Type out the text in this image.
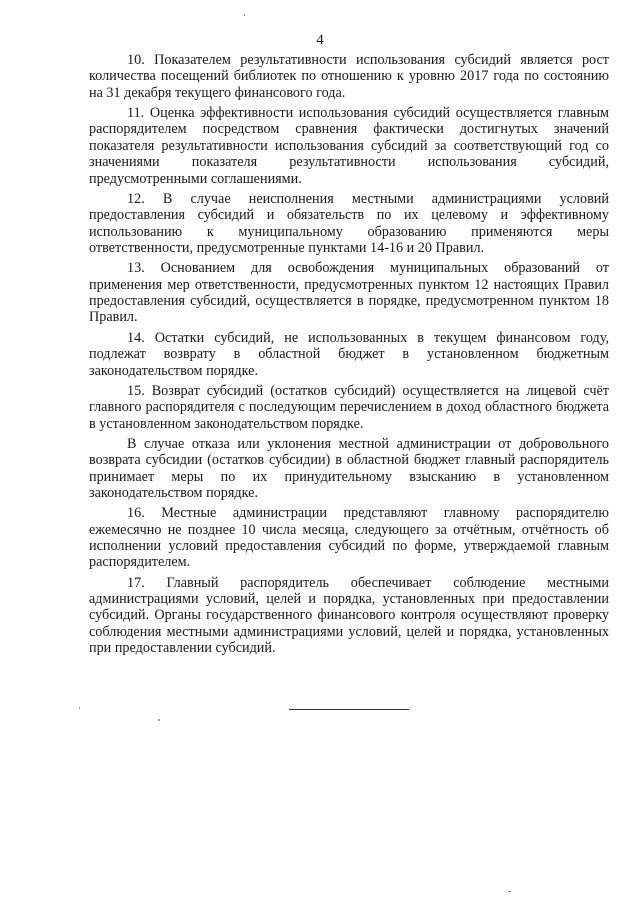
4

10. Показателем результативности использования субсидий является рост количества посещений библиотек по отношению к уровню 2017 года по состоянию на 31 декабря текущего финансового года.

11. Оценка эффективности использования субсидий осуществляется главным распорядителем посредством сравнения фактически достигнутых значений показателя результативности использования субсидий за соответствующий год со значениями показателя результативности использования субсидий, предусмотренными соглашениями.

12. В случае неисполнения местными администрациями условий предоставления субсидий и обязательств по их целевому и эффективному использованию к муниципальному образованию применяются меры ответственности, предусмотренные пунктами 14-16 и 20 Правил.

13. Основанием для освобождения муниципальных образований от применения мер ответственности, предусмотренных пунктом 12 настоящих Правил предоставления субсидий, осуществляется в порядке, предусмотренном пунктом 18 Правил.

14. Остатки субсидий, не использованных в текущем финансовом году, подлежат возврату в областной бюджет в установленном бюджетным законодательством порядке.

15. Возврат субсидий (остатков субсидий) осуществляется на лицевой счёт главного распорядителя с последующим перечислением в доход областного бюджета в установленном законодательством порядке.

В случае отказа или уклонения местной администрации от добровольного возврата субсидии (остатков субсидии) в областной бюджет главный распорядитель принимает меры по их принудительному взысканию в установленном законодательством порядке.

16. Местные администрации представляют главному распорядителю ежемесячно не позднее 10 числа месяца, следующего за отчётным, отчётность об исполнении условий предоставления субсидий по форме, утверждаемой главным распорядителем.

17. Главный распорядитель обеспечивает соблюдение местными администрациями условий, целей и порядка, установленных при предоставлении субсидий. Органы государственного финансового контроля осуществляют проверку соблюдения местными администрациями условий, целей и порядка, установленных при предоставлении субсидий.
